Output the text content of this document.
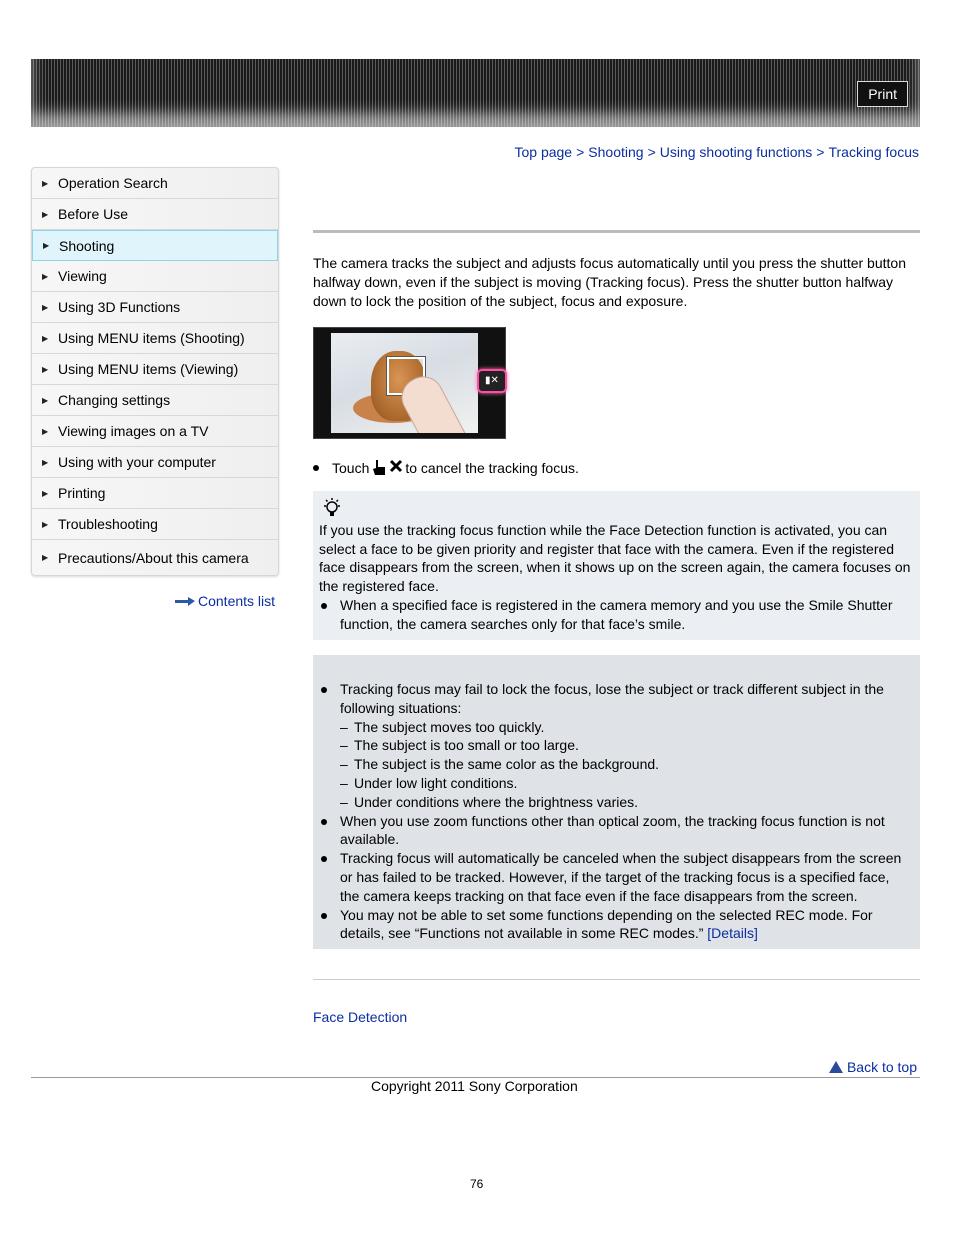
Print
Top page > Shooting > Using shooting functions > Tracking focus
▶ Operation Search
▶ Before Use
▶ Shooting
▶ Viewing
▶ Using 3D Functions
▶ Using MENU items (Shooting)
▶ Using MENU items (Viewing)
▶ Changing settings
▶ Viewing images on a TV
▶ Using with your computer
▶ Printing
▶ Troubleshooting
▶ Precautions/About this camera
Contents list
The camera tracks the subject and adjusts focus automatically until you press the shutter button halfway down, even if the subject is moving (Tracking focus). Press the shutter button halfway down to lock the position of the subject, focus and exposure.
▮✕
Touch	to cancel the tracking focus.
If you use the tracking focus function while the Face Detection function is activated, you can select a face to be given priority and register that face with the camera. Even if the registered face disappears from the screen, when it shows up on the screen again, the camera focuses on the registered face.
When a specified face is registered in the camera memory and you use the Smile Shutter function, the camera searches only for that face’s smile.
Tracking focus may fail to lock the focus, lose the subject or track different subject in the following situations:
– The subject moves too quickly.
– The subject is too small or too large.
– The subject is the same color as the background.
– Under low light conditions.
– Under conditions where the brightness varies.
When you use zoom functions other than optical zoom, the tracking focus function is not available.
Tracking focus will automatically be canceled when the subject disappears from the screen or has failed to be tracked. However, if the target of the tracking focus is a specified face, the camera keeps tracking on that face even if the face disappears from the screen.
You may not be able to set some functions depending on the selected REC mode. For details, see “Functions not available in some REC modes.” [Details]
Face Detection
Back to top
Copyright 2011 Sony Corporation
76
